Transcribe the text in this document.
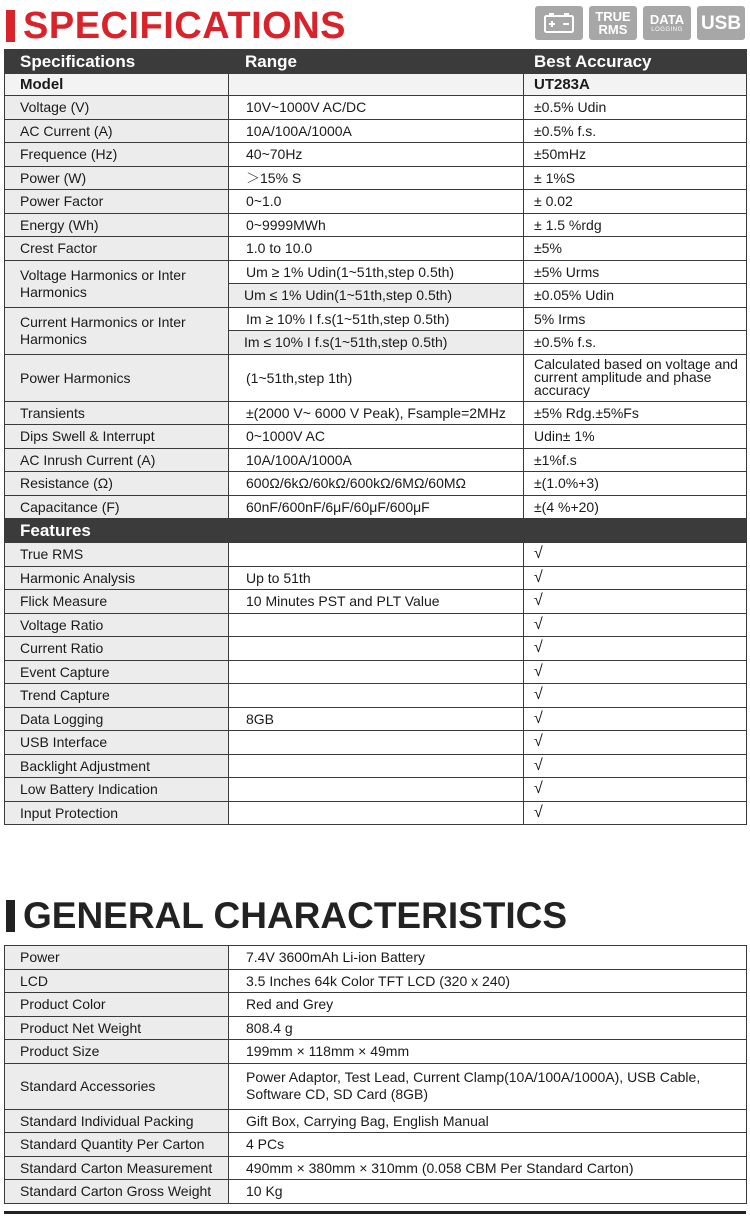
SPECIFICATIONS	TRUE
RMS
DATA
LOGGING USB
Specifications	Range	Best Accuracy
Model		UT283A
Voltage (V)	10V~1000V AC/DC	±0.5% Udin
AC Current (A)	10A/100A/1000A	±0.5% f.s.
Frequence (Hz)	40~70Hz	±50mHz
Power (W)	＞15% S	± 1%S
Power Factor	0~1.0	± 0.02
Energy (Wh)	0~9999MWh	± 1.5 %rdg
Crest Factor	1.0 to 10.0	±5%
Voltage Harmonics or Inter Harmonics	Um ≥ 1% Udin(1~51th,step 0.5th)	±5% Urms
	Um ≤ 1% Udin(1~51th,step 0.5th)	±0.05% Udin
Current Harmonics or Inter Harmonics	Im ≥ 10% I f.s(1~51th,step 0.5th)	5% Irms
	Im ≤ 10% I f.s(1~51th,step 0.5th)	±0.5% f.s.
Power Harmonics	(1~51th,step 1th)	Calculated based on voltage and current amplitude and phase accuracy
Transients	±(2000 V~ 6000 V Peak), Fsample=2MHz	±5% Rdg.±5%Fs
Dips Swell & Interrupt	0~1000V AC	Udin± 1%
AC Inrush Current (A)	10A/100A/1000A	±1%f.s
Resistance (Ω)	600Ω/6kΩ/60kΩ/600kΩ/6MΩ/60MΩ	±(1.0%+3)
Capacitance (F)	60nF/600nF/6μF/60μF/600μF	±(4 %+20)
Features		
True RMS		√
Harmonic Analysis	Up to 51th	√
Flick Measure	10 Minutes PST and PLT Value	√
Voltage Ratio		√
Current Ratio		√
Event Capture		√
Trend Capture		√
Data Logging	8GB	√
USB Interface		√
Backlight Adjustment		√
Low Battery Indication		√
Input Protection		√
GENERAL CHARACTERISTICS
Power	7.4V 3600mAh Li-ion Battery
LCD	3.5 Inches 64k Color TFT LCD (320 x 240)
Product Color	Red and Grey
Product Net Weight	808.4 g
Product Size	199mm × 118mm × 49mm
Standard Accessories	Power Adaptor, Test Lead, Current Clamp(10A/100A/1000A), USB Cable, Software CD, SD Card (8GB)
Standard Individual Packing	Gift Box, Carrying Bag, English Manual
Standard Quantity Per Carton	4 PCs
Standard Carton Measurement	490mm × 380mm × 310mm (0.058 CBM Per Standard Carton)
Standard Carton Gross Weight	10 Kg
